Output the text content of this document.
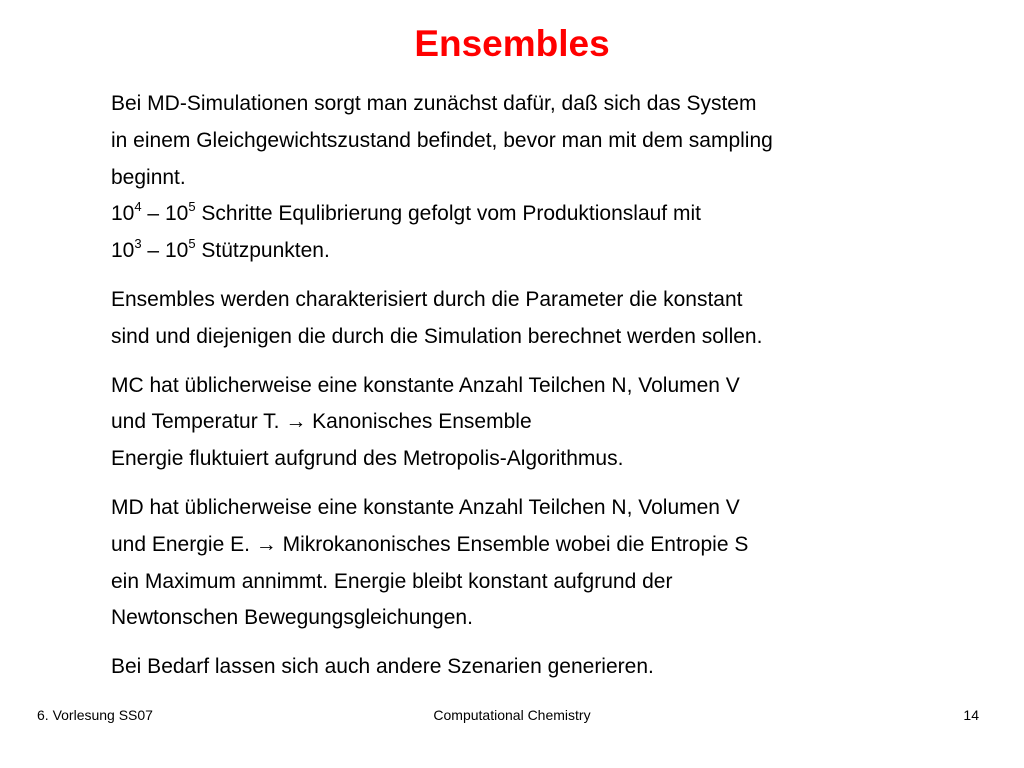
Ensembles
Bei MD-Simulationen sorgt man zunächst dafür, daß sich das System
in einem Gleichgewichtszustand befindet, bevor man mit dem sampling
beginnt.
$10^4 - 10^5$ Schritte Equlibrierung gefolgt vom Produktionslauf mit
$10^3 - 10^5$ Stützpunkten.
Ensembles werden charakterisiert durch die Parameter die konstant
sind und diejenigen die durch die Simulation berechnet werden sollen.
MC hat üblicherweise eine konstante Anzahl Teilchen N, Volumen V
und Temperatur T. → Kanonisches Ensemble
Energie fluktuiert aufgrund des Metropolis-Algorithmus.
MD hat üblicherweise eine konstante Anzahl Teilchen N, Volumen V
und Energie E. → Mikrokanonisches Ensemble wobei die Entropie S
ein Maximum annimmt. Energie bleibt konstant aufgrund der
Newtonschen Bewegungsgleichungen.
Bei Bedarf lassen sich auch andere Szenarien generieren.
6. Vorlesung SS07	Computational Chemistry	14
